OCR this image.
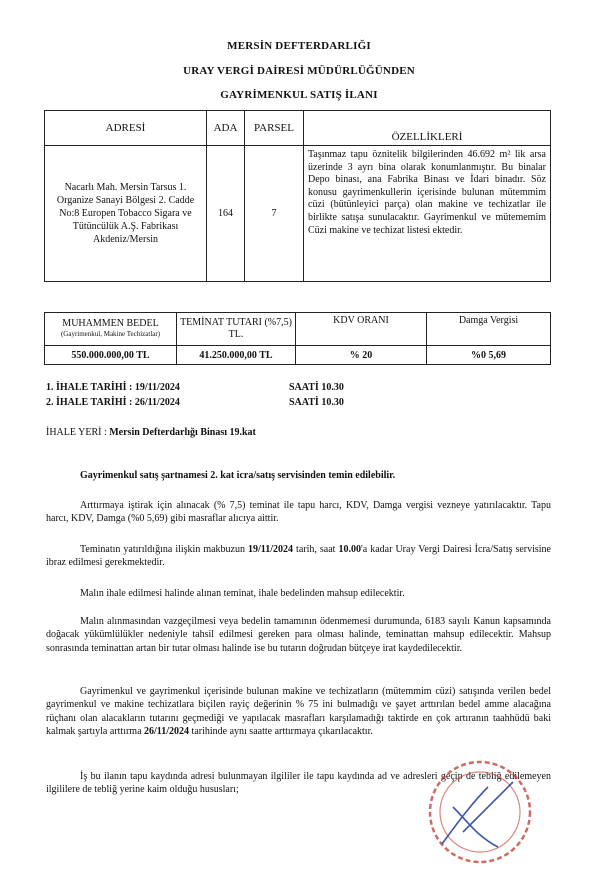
MERSİN DEFTERDARLIĞI
URAY VERGİ DAİRESİ MÜDÜRLÜĞÜNDEN
GAYRİMENKUL SATIŞ İLANI
ADRESİ	ADA	PARSEL	ÖZELLİKLERİ
Nacarlı Mah. Mersin Tarsus 1. Organize Sanayi Bölgesi 2. Cadde No:8 Europen Tobacco Sigara ve Tütüncülük A.Ş. Fabrikası Akdeniz/Mersin	164	7	Taşınmaz tapu öznitelik bilgilerinden 46.692 m² lik arsa üzerinde 3 ayrı bina olarak konumlanmıştır. Bu binalar Depo binası, ana Fabrika Binası ve İdari binadır. Söz konusu gayrimenkullerin içerisinde bulunan mütemmim cüzi (bütünleyici parça) olan makine ve techizatlar ile birlikte satışa sunulacaktır. Gayrimenkul ve mütememim Cüzi makine ve techizat listesi ektedir.
MUHAMMEN BEDEL
(Gayrimenkul, Makine Techizatlar)	TEMİNAT TUTARI (%7,5) TL.	KDV ORANI	Damga Vergisi
550.000.000,00 TL	41.250.000,00 TL	% 20	%0 5,69
1. İHALE TARİHİ : 19/11/2024	SAATİ 10.30
2. İHALE TARİHİ : 26/11/2024	SAATİ 10.30
İHALE YERİ : Mersin Defterdarlığı Binası 19.kat
Gayrimenkul satış şartnamesi 2. kat icra/satış servisinden temin edilebilir.
Arttırmaya iştirak için alınacak (% 7,5) teminat ile tapu harcı, KDV, Damga vergisi vezneye yatırılacaktır. Tapu harcı, KDV, Damga (%0 5,69) gibi masraflar alıcıya aittir.
Teminatın yatırıldığına ilişkin makbuzun 19/11/2024 tarih, saat 10.00'a kadar Uray Vergi Dairesi İcra/Satış servisine ibraz edilmesi gerekmektedir.
Malın ihale edilmesi halinde alınan teminat, ihale bedelinden mahsup edilecektir.
Malın alınmasından vazgeçilmesi veya bedelin tamamının ödenmemesi durumunda, 6183 sayılı Kanun kapsamında doğacak yükümlülükler nedeniyle tahsil edilmesi gereken para olması halinde, teminattan mahsup edilecektir. Mahsup sonrasında teminattan artan bir tutar olması halinde ise bu tutarın doğrudan bütçeye irat kaydedilecektir.
Gayrimenkul ve gayrimenkul içerisinde bulunan makine ve techizatların (mütemmim cüzi) satışında verilen bedel gayrimenkul ve makine techizatlara biçilen rayiç değerinin % 75 ini bulmadığı ve şayet arttırılan bedel amme alacağına rüçhanı olan alacakların tutarını geçmediği ve yapılacak masrafları karşılamadığı taktirde en çok artıranın taahhüdü baki kalmak şartıyla arttırma 26/11/2024 tarihinde aynı saatte arttırmaya çıkarılacaktır.
İş bu ilanın tapu kaydında adresi bulunmayan ilgililer ile tapu kaydında ad ve adresleri geçip de tebliğ edilemeyen ilgililere de tebliğ yerine kaim olduğu hususları;
